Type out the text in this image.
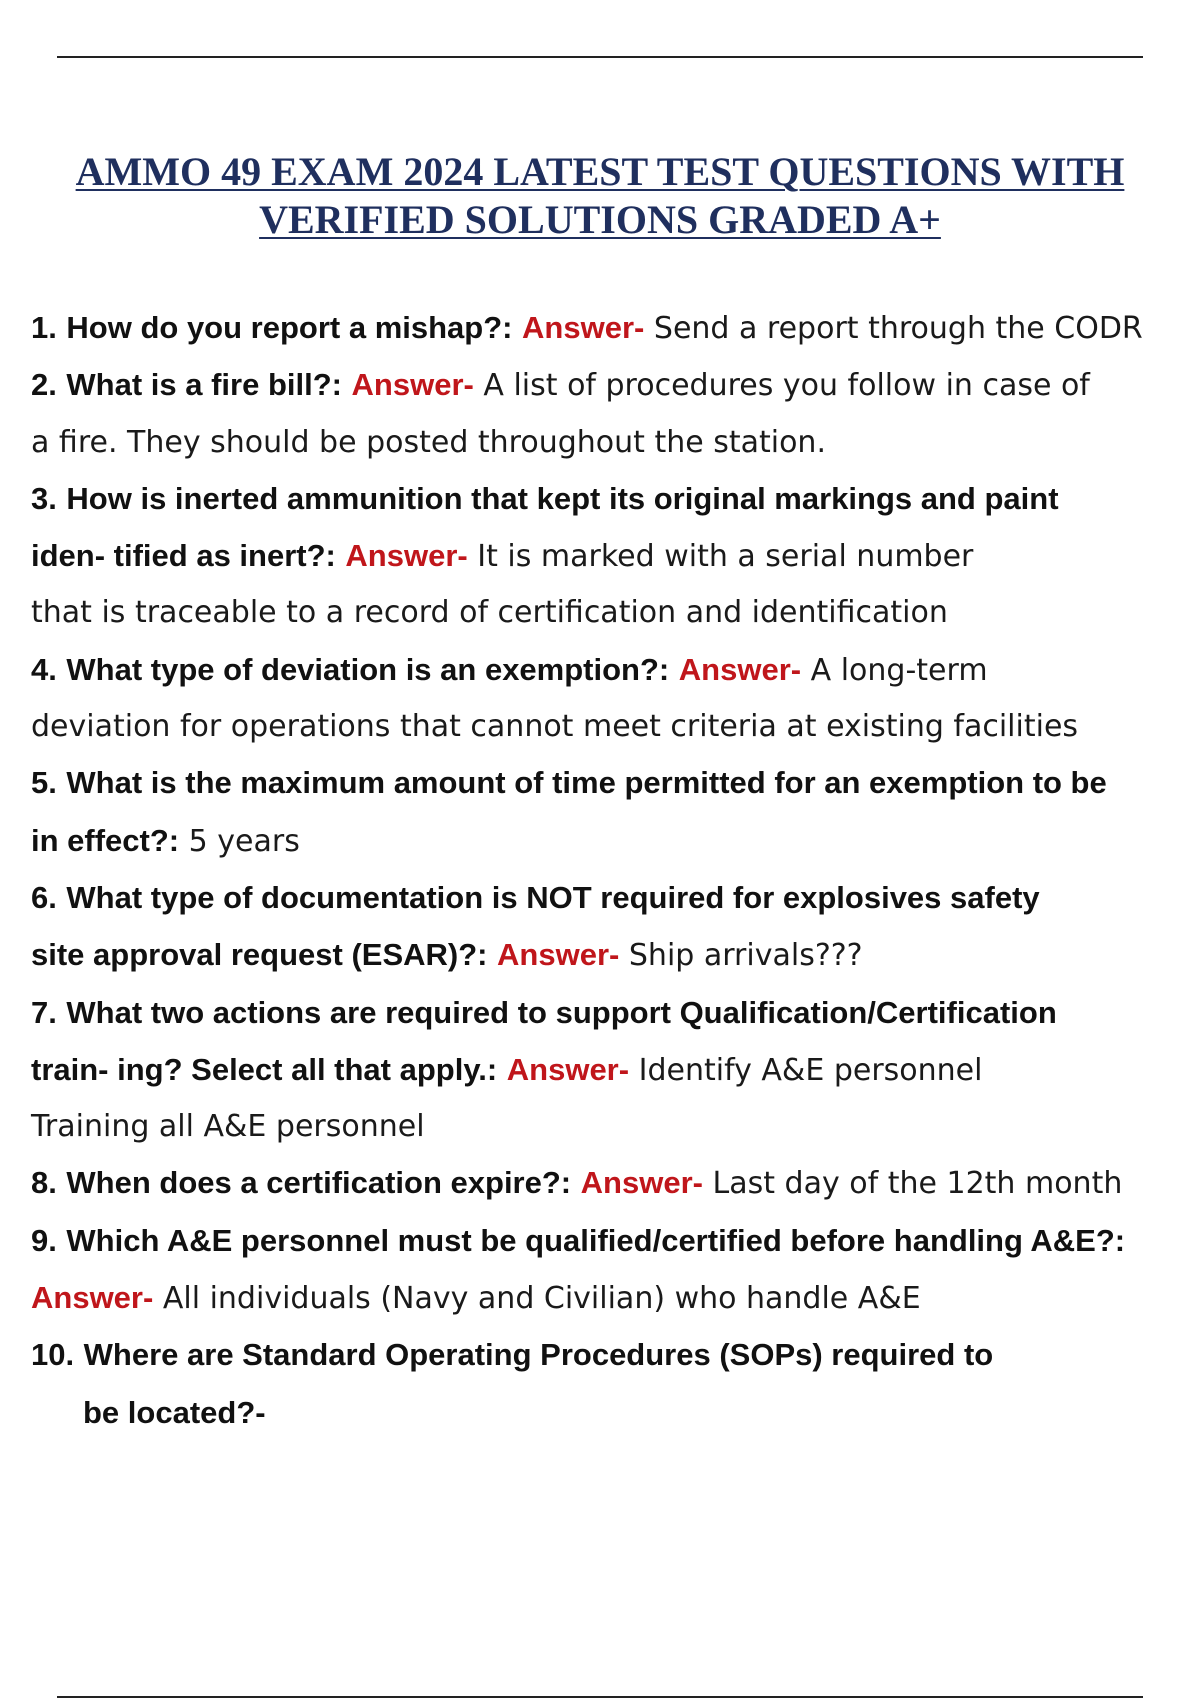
AMMO 49 EXAM 2024 LATEST TEST QUESTIONS WITH
VERIFIED SOLUTIONS GRADED A+
1. How do you report a mishap?: Answer- Send a report through the CODR
2. What is a fire bill?: Answer- A list of procedures you follow in case of
a fire. They should be posted throughout the station.
3. How is inerted ammunition that kept its original markings and paint
iden- tified as inert?: Answer- It is marked with a serial number
that is traceable to a record of certification and identification
4. What type of deviation is an exemption?: Answer- A long-term
deviation for operations that cannot meet criteria at existing facilities
5. What is the maximum amount of time permitted for an exemption to be
in effect?: 5 years
6. What type of documentation is NOT required for explosives safety
site approval request (ESAR)?: Answer- Ship arrivals???
7. What two actions are required to support Qualification/Certification
train- ing? Select all that apply.: Answer- Identify A&E personnel
Training all A&E personnel
8. When does a certification expire?: Answer- Last day of the 12th month
9. Which A&E personnel must be qualified/certified before handling A&E?:
Answer- All individuals (Navy and Civilian) who handle A&E
10. Where are Standard Operating Procedures (SOPs) required to
be located?-
